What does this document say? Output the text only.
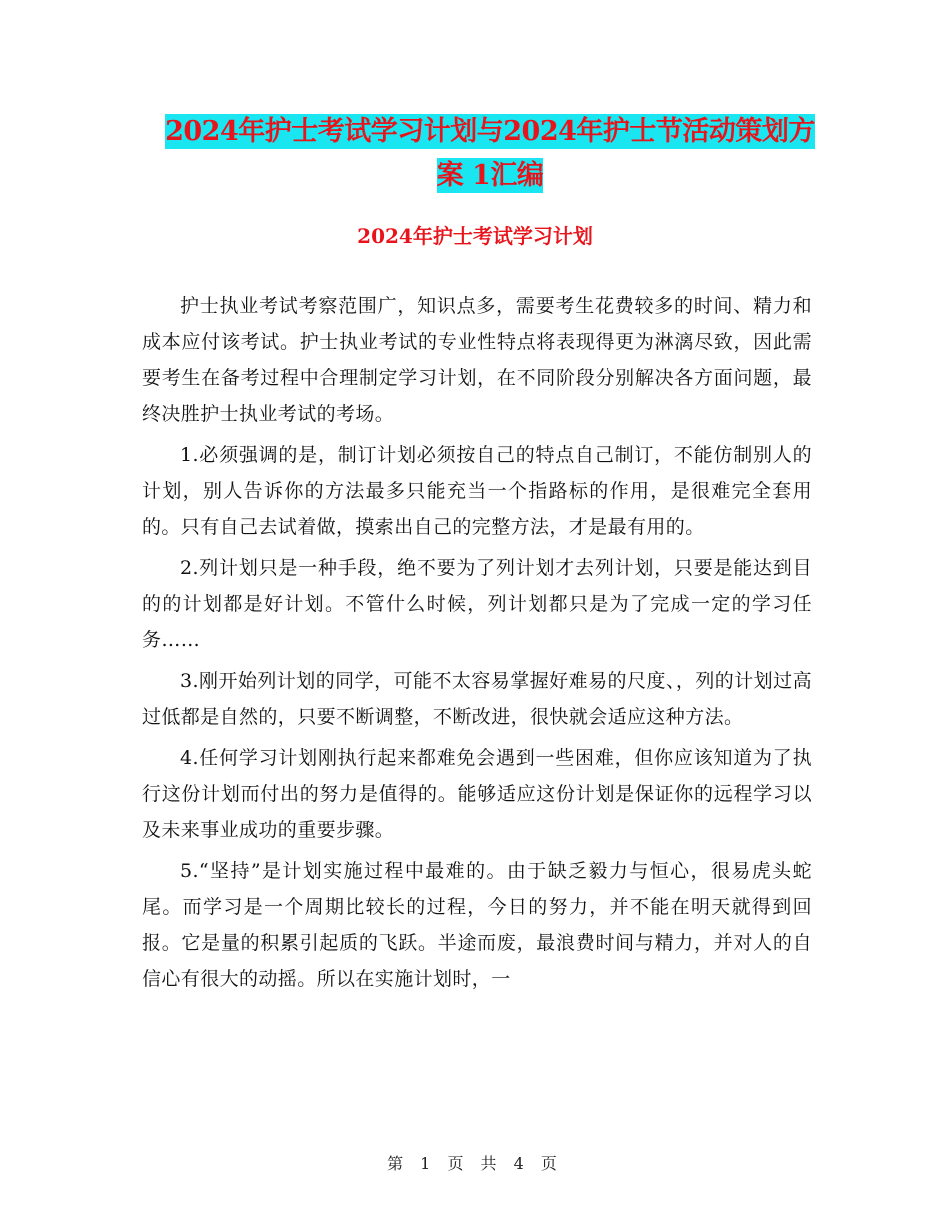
2024年护士考试学习计划与2024年护士节活动策划方
案 1汇编
2024年护士考试学习计划

护士执业考试考察范围广，知识点多，需要考生花费较多的时间、精力和成本应付该考试。护士执业考试的专业性特点将表现得更为淋漓尽致，因此需要考生在备考过程中合理制定学习计划，在不同阶段分别解决各方面问题，最终决胜护士执业考试的考场。

1.必须强调的是，制订计划必须按自己的特点自己制订，不能仿制别人的计划，别人告诉你的方法最多只能充当一个指路标的作用，是很难完全套用的。只有自己去试着做，摸索出自己的完整方法，才是最有用的。

2.列计划只是一种手段，绝不要为了列计划才去列计划，只要是能达到目的的计划都是好计划。不管什么时候，列计划都只是为了完成一定的学习任务……

3.刚开始列计划的同学，可能不太容易掌握好难易的尺度、，列的计划过高过低都是自然的，只要不断调整，不断改进，很快就会适应这种方法。

4.任何学习计划刚执行起来都难免会遇到一些困难，但你应该知道为了执行这份计划而付出的努力是值得的。能够适应这份计划是保证你的远程学习以及未来事业成功的重要步骤。

5.“坚持”是计划实施过程中最难的。由于缺乏毅力与恒心，很易虎头蛇尾。而学习是一个周期比较长的过程，今日的努力，并不能在明天就得到回报。它是量的积累引起质的飞跃。半途而废，最浪费时间与精力，并对人的自信心有很大的动摇。所以在实施计划时，一

第 1 页 共 4 页
